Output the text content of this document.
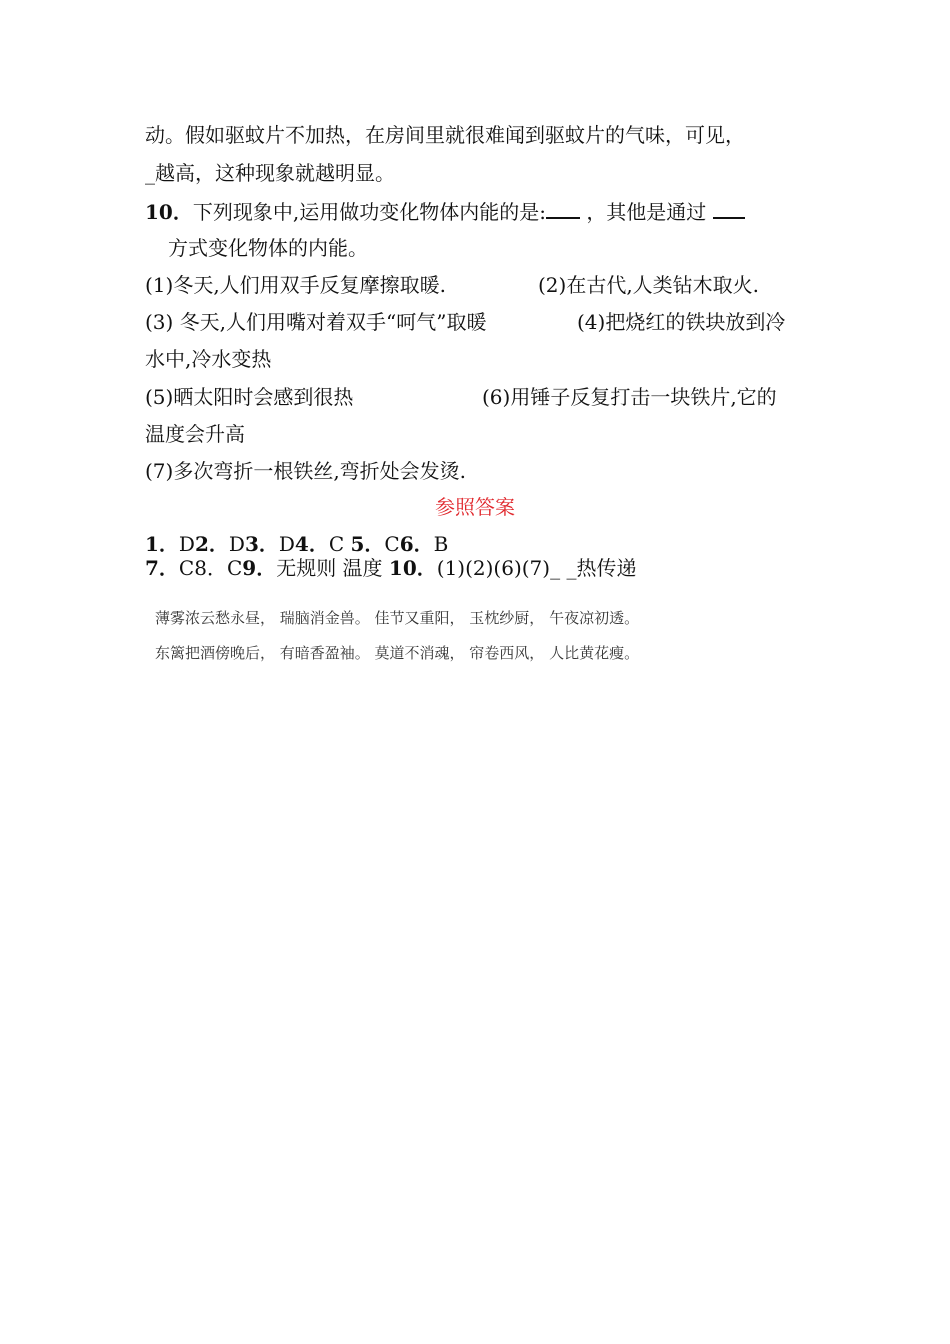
动。假如驱蚊片不加热，在房间里就很难闻到驱蚊片的气味，可见，
_越高，这种现象就越明显。
10．下列现象中,运用做功变化物体内能的是: ，其他是通过
方式变化物体的内能。
(1)冬天,人们用双手反复摩擦取暖.	(2)在古代,人类钻木取火.
(3) 冬天,人们用嘴对着双手“呵气”取暖	(4)把烧红的铁块放到冷
水中,冷水变热
(5)晒太阳时会感到很热	(6)用锤子反复打击一块铁片,它的
温度会升高
(7)多次弯折一根铁丝,弯折处会发烫.
参照答案
1．D2．D3．D4．C 5．C6．B
7．C8．C9．无规则 温度 10．(1)(2)(6)(7)_ _热传递
薄雾浓云愁永昼， 瑞脑消金兽。 佳节又重阳， 玉枕纱厨， 午夜凉初透。
东篱把酒傍晚后， 有暗香盈袖。 莫道不消魂， 帘卷西风， 人比黄花瘦。
